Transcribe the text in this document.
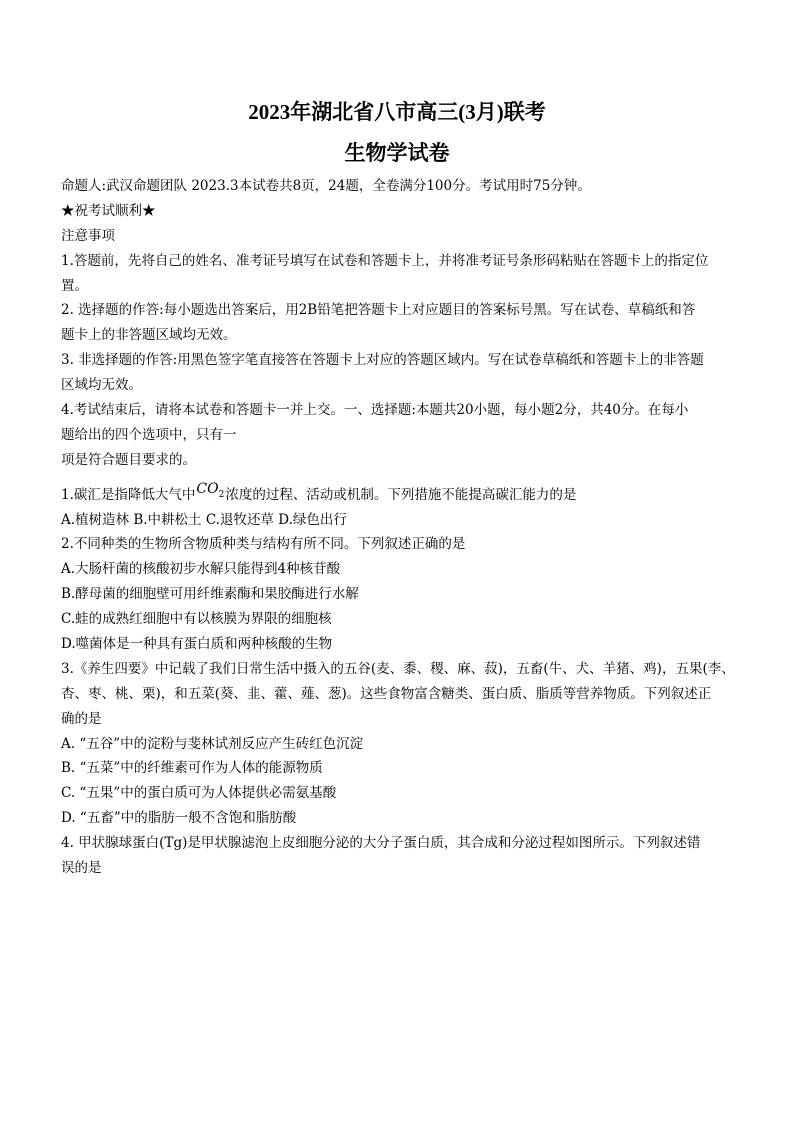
2023年湖北省八市高三(3月)联考
生物学试卷
命题人:武汉命题团队 2023.3本试卷共8页，24题，全卷满分100分。考试用时75分钟。
★祝考试顺利★
注意事项
1.答题前，先将自己的姓名、准考证号填写在试卷和答题卡上，并将准考证号条形码粘贴在答题卡上的指定位
置。
2. 选择题的作答:每小题选出答案后，用2B铅笔把答题卡上对应题目的答案标号黑。写在试卷、草稿纸和答
题卡上的非答题区域均无效。
3. 非选择题的作答:用黑色签字笔直接答在答题卡上对应的答题区域内。写在试卷草稿纸和答题卡上的非答题
区域均无效。
4.考试结束后，请将本试卷和答题卡一并上交。一、选择题:本题共20小题，每小题2分，共40分。在每小
题给出的四个选项中，只有一
项是符合题目要求的。
1.碳汇是指降低大气中$CO_2$浓度的过程、活动或机制。下列措施不能提高碳汇能力的是
A.植树造林 B.中耕松土 C.退牧还草 D.绿色出行
2.不同种类的生物所含物质种类与结构有所不同。下列叙述正确的是
A.大肠杆菌的核酸初步水解只能得到4种核苷酸
B.酵母菌的细胞壁可用纤维素酶和果胶酶进行水解
C.蛙的成熟红细胞中有以核膜为界限的细胞核
D.噬菌体是一种具有蛋白质和两种核酸的生物
3.《养生四要》中记载了我们日常生活中摄入的五谷(麦、黍、稷、麻、菽)，五畜(牛、犬、羊猪、鸡)，五果(李、
杏、枣、桃、栗)，和五菜(葵、韭、藿、薤、葱)。这些食物富含糖类、蛋白质、脂质等营养物质。下列叙述正
确的是
A. “五谷”中的淀粉与斐林试剂反应产生砖红色沉淀
B. “五菜”中的纤维素可作为人体的能源物质
C. “五果”中的蛋白质可为人体提供必需氨基酸
D. “五畜”中的脂肪一般不含饱和脂肪酸
4. 甲状腺球蛋白(Tg)是甲状腺滤泡上皮细胞分泌的大分子蛋白质，其合成和分泌过程如图所示。下列叙述错
误的是
